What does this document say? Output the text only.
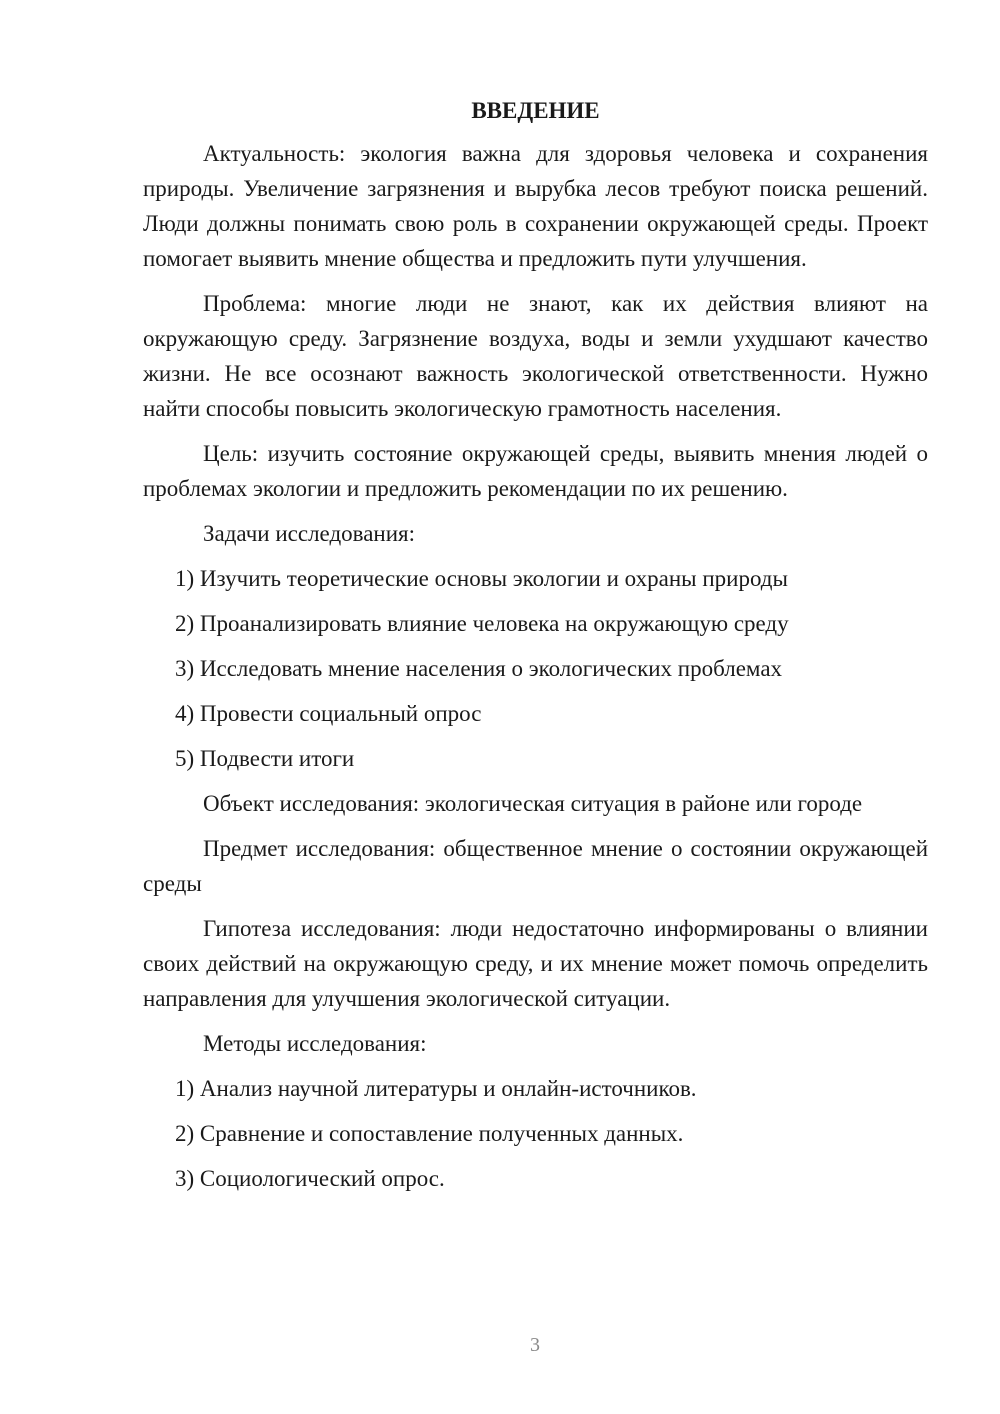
ВВЕДЕНИЕ

Актуальность: экология важна для здоровья человека и сохранения природы. Увеличение загрязнения и вырубка лесов требуют поиска решений. Люди должны понимать свою роль в сохранении окружающей среды. Проект помогает выявить мнение общества и предложить пути улучшения.

Проблема: многие люди не знают, как их действия влияют на окружающую среду. Загрязнение воздуха, воды и земли ухудшают качество жизни. Не все осознают важность экологической ответственности. Нужно найти способы повысить экологическую грамотность населения.

Цель: изучить состояние окружающей среды, выявить мнения людей о проблемах экологии и предложить рекомендации по их решению.

Задачи исследования:

1) Изучить теоретические основы экологии и охраны природы

2) Проанализировать влияние человека на окружающую среду

3) Исследовать мнение населения о экологических проблемах

4) Провести социальный опрос

5) Подвести итоги

Объект исследования: экологическая ситуация в районе или городе

Предмет исследования: общественное мнение о состоянии окружающей среды

Гипотеза исследования: люди недостаточно информированы о влиянии своих действий на окружающую среду, и их мнение может помочь определить направления для улучшения экологической ситуации.

Методы исследования:

1) Анализ научной литературы и онлайн-источников.

2) Сравнение и сопоставление полученных данных.

3) Социологический опрос.

3
